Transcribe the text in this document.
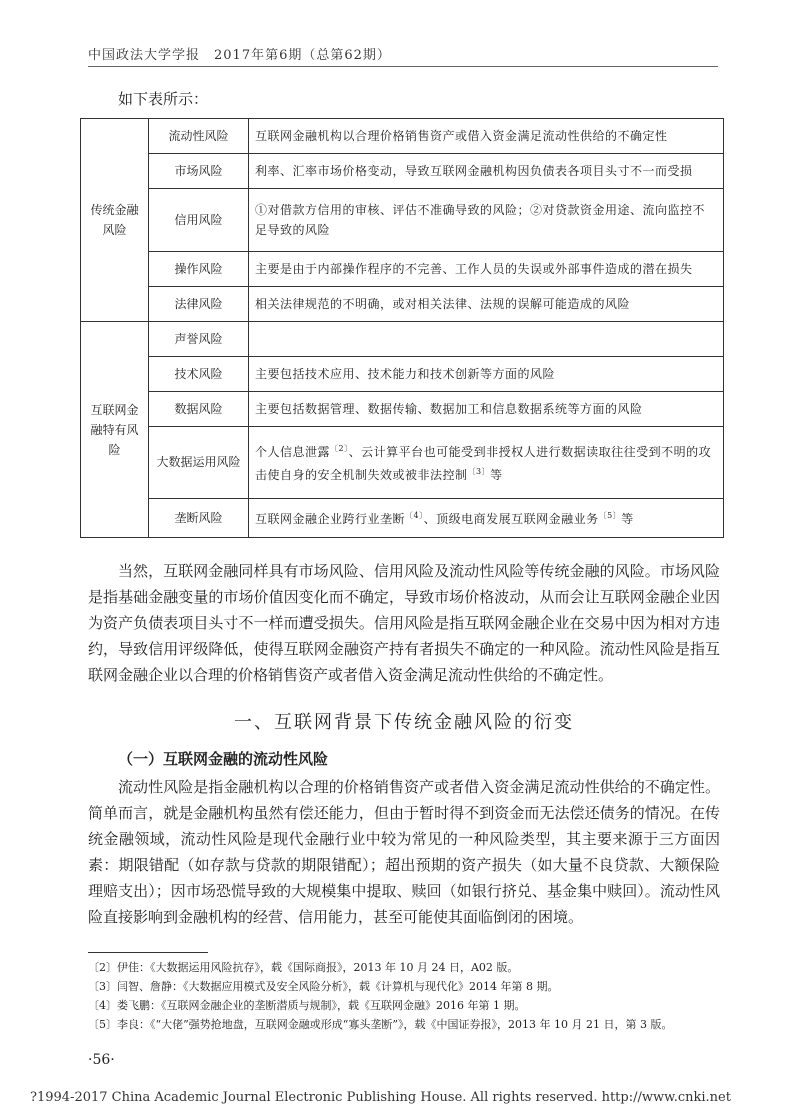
中国政法大学学报　2017年第6期（总第62期）
如下表所示：
传统金融风险	流动性风险	互联网金融机构以合理价格销售资产或借入资金满足流动性供给的不确定性
	市场风险	利率、汇率市场价格变动，导致互联网金融机构因负债表各项目头寸不一而受损
	信用风险	①对借款方信用的审核、评估不准确导致的风险；②对贷款资金用途、流向监控不足导致的风险
	操作风险	主要是由于内部操作程序的不完善、工作人员的失误或外部事件造成的潜在损失
	法律风险	相关法律规范的不明确，或对相关法律、法规的误解可能造成的风险
互联网金融特有风险	声誉风险	
	技术风险	主要包括技术应用、技术能力和技术创新等方面的风险
	数据风险	主要包括数据管理、数据传输、数据加工和信息数据系统等方面的风险
	大数据运用风险	个人信息泄露$^{〔2〕}$、云计算平台也可能受到非授权人进行数据读取往往受到不明的攻击使自身的安全机制失效或被非法控制$^{〔3〕}$等
	垄断风险	互联网金融企业跨行业垄断$^{〔4〕}$、顶级电商发展互联网金融业务$^{〔5〕}$等
当然，互联网金融同样具有市场风险、信用风险及流动性风险等传统金融的风险。市场风险是指基础金融变量的市场价值因变化而不确定，导致市场价格波动，从而会让互联网金融企业因为资产负债表项目头寸不一样而遭受损失。信用风险是指互联网金融企业在交易中因为相对方违约，导致信用评级降低，使得互联网金融资产持有者损失不确定的一种风险。流动性风险是指互联网金融企业以合理的价格销售资产或者借入资金满足流动性供给的不确定性。
一、互联网背景下传统金融风险的衍变
（一）互联网金融的流动性风险
流动性风险是指金融机构以合理的价格销售资产或者借入资金满足流动性供给的不确定性。简单而言，就是金融机构虽然有偿还能力，但由于暂时得不到资金而无法偿还债务的情况。在传统金融领域，流动性风险是现代金融行业中较为常见的一种风险类型，其主要来源于三方面因素：期限错配（如存款与贷款的期限错配）；超出预期的资产损失（如大量不良贷款、大额保险理赔支出）；因市场恐慌导致的大规模集中提取、赎回（如银行挤兑、基金集中赎回）。流动性风险直接影响到金融机构的经营、信用能力，甚至可能使其面临倒闭的困境。
〔2〕伊佳：《大数据运用风险抗存》，载《国际商报》，2013 年 10 月 24 日，A02 版。
〔3〕闫智、詹静：《大数据应用模式及安全风险分析》，载《计算机与现代化》2014 年第 8 期。
〔4〕娄飞鹏：《互联网金融企业的垄断潜质与规制》，载《互联网金融》2016 年第 1 期。
〔5〕李良：《“大佬”强势抢地盘，互联网金融或形成“寡头垄断”》，载《中国证券报》，2013 年 10 月 21 日，第 3 版。
·56·
?1994-2017 China Academic Journal Electronic Publishing House. All rights reserved. http://www.cnki.net
